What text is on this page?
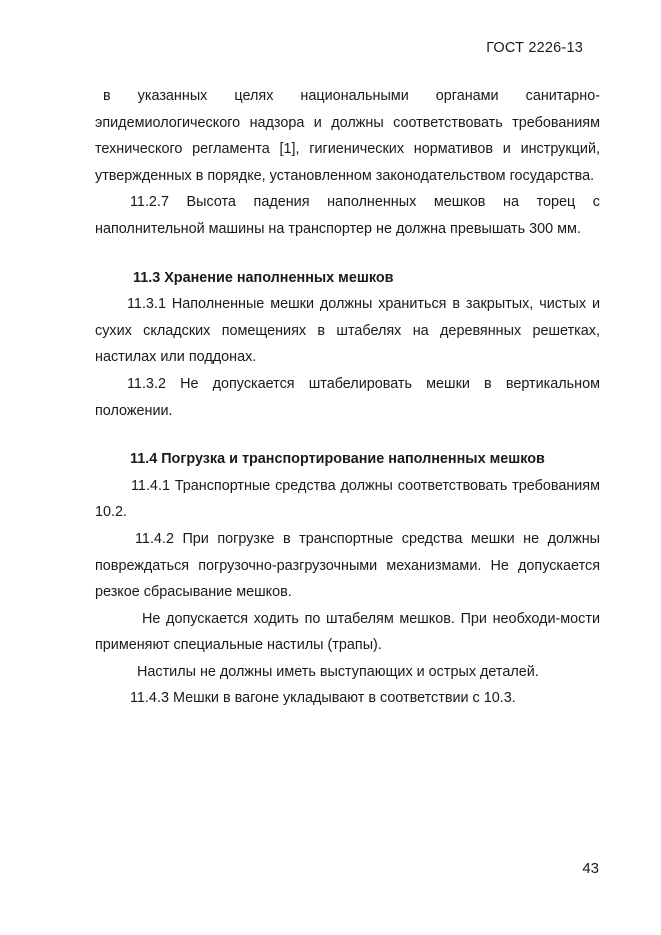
ГОСТ 2226-13

в указанных целях национальными органами санитарно-эпидемиологического надзора и должны соответствовать требованиям технического регламента [1], гигиенических нормативов и инструкций, утвержденных в порядке, установленном законодательством государства.

11.2.7 Высота падения наполненных мешков на торец с наполнительной машины на транспортер не должна превышать 300 мм.

11.3 Хранение наполненных мешков

11.3.1 Наполненные мешки должны храниться в закрытых, чистых и сухих складских помещениях в штабелях на деревянных решетках, настилах или поддонах.

11.3.2 Не допускается штабелировать мешки в вертикальном положении.

11.4 Погрузка и транспортирование наполненных мешков

11.4.1 Транспортные средства должны соответствовать требованиям 10.2.

11.4.2 При погрузке в транспортные средства мешки не должны повреждаться погрузочно-разгрузочными механизмами. Не допускается резкое сбрасывание мешков.

Не допускается ходить по штабелям мешков. При необходи-мости применяют специальные настилы (трапы).

Настилы не должны иметь выступающих и острых деталей.

11.4.3 Мешки в вагоне укладывают в соответствии с 10.3.

43
